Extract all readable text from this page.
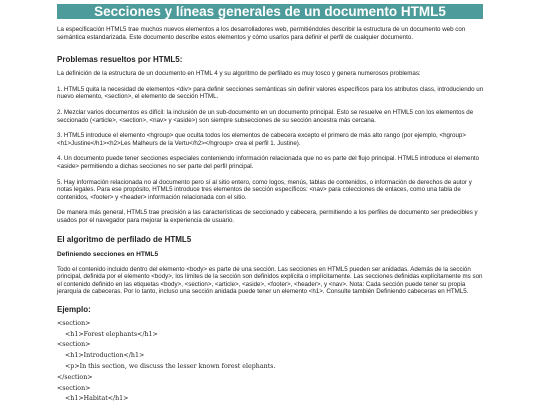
Secciones y líneas generales de un documento HTML5

La especificación HTML5 trae muchos nuevos elementos a los desarrolladores web, permitiéndoles describir la estructura de un documento web con semántica estandarizada. Este documento describe estos elementos y cómo usarlos para definir el perfil de cualquier documento.

Problemas resueltos por HTML5:

La definición de la estructura de un documento en HTML 4 y su algoritmo de perfilado es muy tosco y genera numerosos problemas:

1. HTML5 quita la necesidad de elementos <div> para definir secciones semánticas sin definir valores específicos para los atributos class, introduciendo un nuevo elemento, <section>, el elemento de sección HTML.

2. Mezclar varios documentos es difícil: la inclusión de un sub-documento en un documento principal. Esto se resuelve en HTML5 con los elementos de seccionado (<article>, <section>, <nav> y <aside>) son siempre subsecciones de su sección ancestra más cercana.

3. HTML5 introduce el elemento <hgroup> que oculta todos los elementos de cabecera excepto el primero de más alto rango (por ejemplo, <hgroup><h1>Justine</h1><h2>Les Malheurs de la Vertu</h2></hgroup> crea el perfil 1. Justine).

4. Un documento puede tener secciones especiales conteniendo información relacionada que no es parte del flujo principal. HTML5 introduce el elemento <aside> permitiendo a dichas secciones no ser parte del perfil principal.

5. Hay información relacionada no al documento pero sí al sitio entero, como logos, menús, tablas de contenidos, o información de derechos de autor y notas legales. Para ese propósito, HTML5 introduce tres elementos de sección específicos: <nav> para colecciones de enlaces, como una tabla de contenidos, <footer> y <header> información relacionada con el sitio.

De manera más general, HTML5 trae precisión a las características de seccionado y cabecera, permitiendo a los perfiles de documento ser predecibles y usados por el navegador para mejorar la experiencia de usuario.

El algoritmo de perfilado de HTML5
Definiendo secciones en HTML5

Todo el contenido incluido dentro del elemento <body> es parte de una sección. Las secciones en HTML5 pueden ser anidadas. Además de la sección principal, definida por el elemento <body>, los límites de la sección son definidos explícita o implícitamente. Las secciones definidas explícitamente ms son el contenido definido en las etiquetas <body>, <section>, <article>, <aside>, <footer>, <header>, y <nav>. Nota: Cada sección puede tener su propia jerarquía de cabeceras. Por lo tanto, incluso una sección anidada puede tener un elemento <h1>. Consulte también Definiendo cabeceras en HTML5.

Ejemplo:
<section>
<h1>Forest elephants</h1>
<section>
<h1>Introduction</h1>
<p>In this section, we discuss the lesser known forest elephants.
</section>
<section>
<h1>Habitat</h1>
